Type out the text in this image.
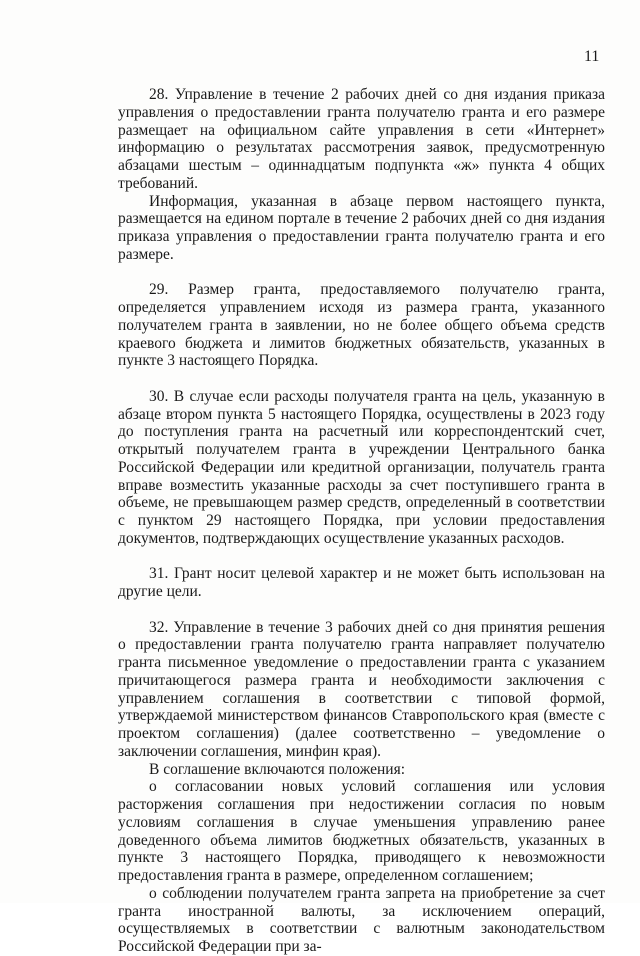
11

28. Управление в течение 2 рабочих дней со дня издания приказа управления о предоставлении гранта получателю гранта и его размере размещает на официальном сайте управления в сети «Интернет» информацию о результатах рассмотрения заявок, предусмотренную абзацами шестым – одиннадцатым подпункта «ж» пункта 4 общих требований.

Информация, указанная в абзаце первом настоящего пункта, размещается на едином портале в течение 2 рабочих дней со дня издания приказа управления о предоставлении гранта получателю гранта и его размере.

29. Размер гранта, предоставляемого получателю гранта, определяется управлением исходя из размера гранта, указанного получателем гранта в заявлении, но не более общего объема средств краевого бюджета и лимитов бюджетных обязательств, указанных в пункте 3 настоящего Порядка.

30. В случае если расходы получателя гранта на цель, указанную в абзаце втором пункта 5 настоящего Порядка, осуществлены в 2023 году до поступления гранта на расчетный или корреспондентский счет, открытый получателем гранта в учреждении Центрального банка Российской Федерации или кредитной организации, получатель гранта вправе возместить указанные расходы за счет поступившего гранта в объеме, не превышающем размер средств, определенный в соответствии с пунктом 29 настоящего Порядка, при условии предоставления документов, подтверждающих осуществление указанных расходов.

31. Грант носит целевой характер и не может быть использован на другие цели.

32. Управление в течение 3 рабочих дней со дня принятия решения о предоставлении гранта получателю гранта направляет получателю гранта письменное уведомление о предоставлении гранта с указанием причитающегося размера гранта и необходимости заключения с управлением соглашения в соответствии с типовой формой, утверждаемой министерством финансов Ставропольского края (вместе с проектом соглашения) (далее соответственно – уведомление о заключении соглашения, минфин края).

В соглашение включаются положения:

о согласовании новых условий соглашения или условия расторжения соглашения при недостижении согласия по новым условиям соглашения в случае уменьшения управлению ранее доведенного объема лимитов бюджетных обязательств, указанных в пункте 3 настоящего Порядка, приводящего к невозможности предоставления гранта в размере, определенном соглашением;

о соблюдении получателем гранта запрета на приобретение за счет гранта иностранной валюты, за исключением операций, осуществляемых в соответствии с валютным законодательством Российской Федерации при за-
